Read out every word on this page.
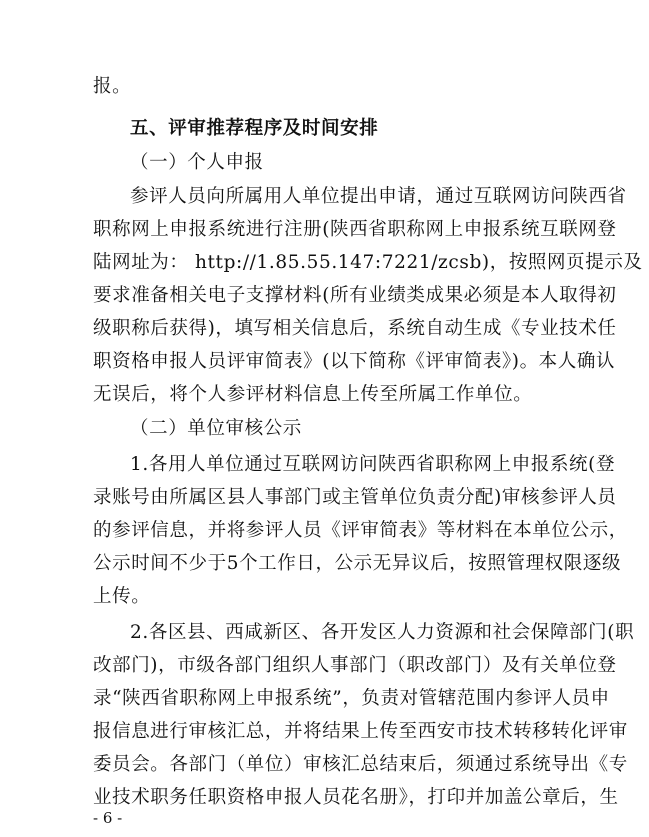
报。
五、评审推荐程序及时间安排
（一）个人申报
参评人员向所属用人单位提出申请，通过互联网访问陕西省
职称网上申报系统进行注册(陕西省职称网上申报系统互联网登
陆网址为： http://1.85.55.147:7221/zcsb)，按照网页提示及
要求准备相关电子支撑材料(所有业绩类成果必须是本人取得初
级职称后获得)，填写相关信息后，系统自动生成《专业技术任
职资格申报人员评审简表》(以下简称《评审简表》)。本人确认
无误后，将个人参评材料信息上传至所属工作单位。
（二）单位审核公示
1.各用人单位通过互联网访问陕西省职称网上申报系统(登
录账号由所属区县人事部门或主管单位负责分配)审核参评人员
的参评信息，并将参评人员《评审简表》等材料在本单位公示，
公示时间不少于5个工作日，公示无异议后，按照管理权限逐级
上传。
2.各区县、西咸新区、各开发区人力资源和社会保障部门(职
改部门)，市级各部门组织人事部门（职改部门）及有关单位登
录“陕西省职称网上申报系统”，负责对管辖范围内参评人员申
报信息进行审核汇总，并将结果上传至西安市技术转移转化评审
委员会。各部门（单位）审核汇总结束后，须通过系统导出《专
业技术职务任职资格申报人员花名册》，打印并加盖公章后，生
- 6 -
